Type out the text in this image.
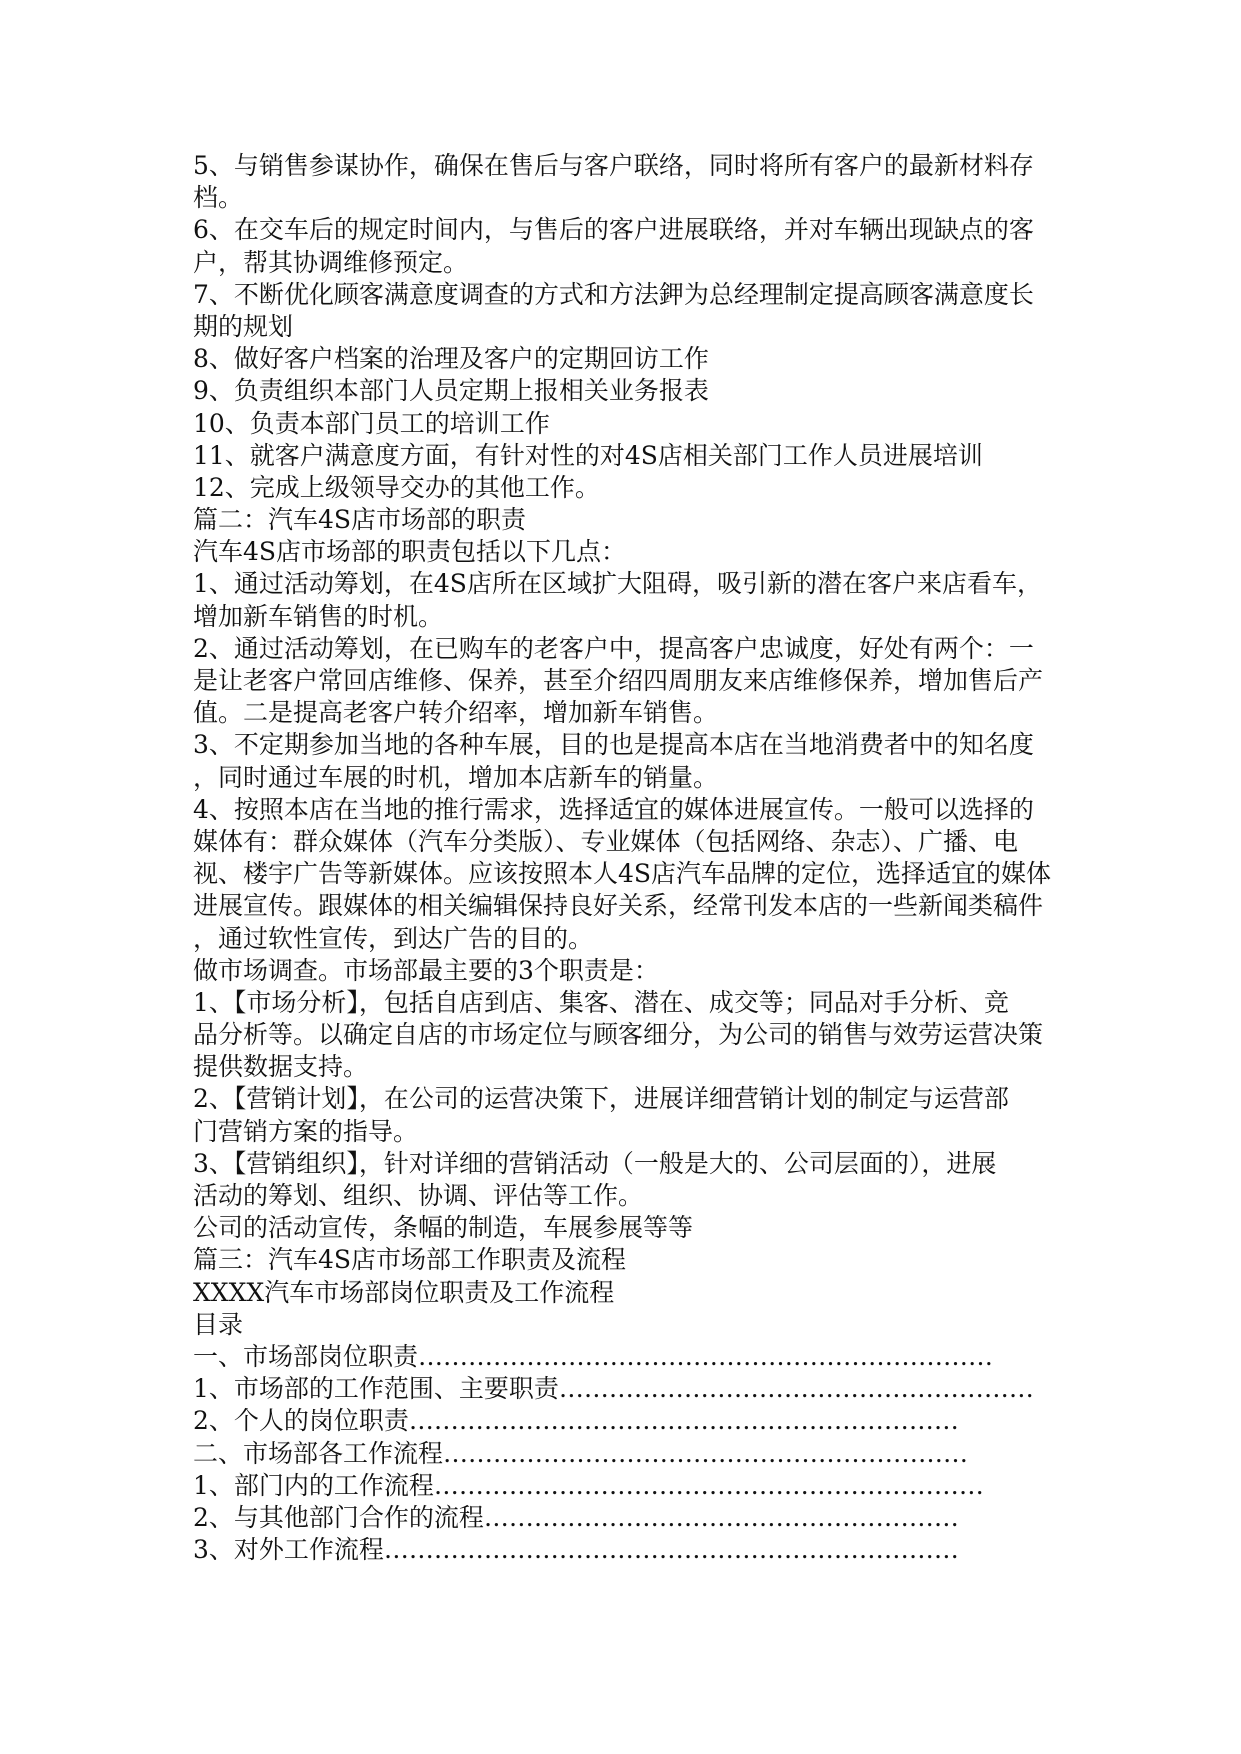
5、与销售参谋协作，确保在售后与客户联络，同时将所有客户的最新材料存
档。
6、在交车后的规定时间内，与售后的客户进展联络，并对车辆出现缺点的客
户，帮其协调维修预定。
7、不断优化顾客满意度调查的方式和方法鉀为总经理制定提高顾客满意度长
期的规划
8、做好客户档案的治理及客户的定期回访工作
9、负责组织本部门人员定期上报相关业务报表
10、负责本部门员工的培训工作
11、就客户满意度方面，有针对性的对4S店相关部门工作人员进展培训
12、完成上级领导交办的其他工作。
篇二：汽车4S店市场部的职责
汽车4S店市场部的职责包括以下几点：
1、通过活动筹划，在4S店所在区域扩大阻碍，吸引新的潜在客户来店看车，
增加新车销售的时机。
2、通过活动筹划，在已购车的老客户中，提高客户忠诚度，好处有两个：一
是让老客户常回店维修、保养，甚至介绍四周朋友来店维修保养，增加售后产
值。二是提高老客户转介绍率，增加新车销售。
3、不定期参加当地的各种车展，目的也是提高本店在当地消费者中的知名度
，同时通过车展的时机，增加本店新车的销量。
4、按照本店在当地的推行需求，选择适宜的媒体进展宣传。一般可以选择的
媒体有：群众媒体（汽车分类版）、专业媒体（包括网络、杂志）、广播、电
视、楼宇广告等新媒体。应该按照本人4S店汽车品牌的定位，选择适宜的媒体
进展宣传。跟媒体的相关编辑保持良好关系，经常刊发本店的一些新闻类稿件
，通过软性宣传，到达广告的目的。
做市场调查。市场部最主要的3个职责是：
1、【市场分析】，包括自店到店、集客、潜在、成交等；同品对手分析、竞
品分析等。以确定自店的市场定位与顾客细分，为公司的销售与效劳运营决策
提供数据支持。
2、【营销计划】，在公司的运营决策下，进展详细营销计划的制定与运营部
门营销方案的指导。
3、【营销组织】，针对详细的营销活动（一般是大的、公司层面的），进展
活动的筹划、组织、协调、评估等工作。
公司的活动宣传，条幅的制造，车展参展等等
篇三：汽车4S店市场部工作职责及流程
XXXX汽车市场部岗位职责及工作流程
目录
一、市场部岗位职责 ……………………………………………………………
1、市场部的工作范围、主要职责 …………………………………………………
2、个人的岗位职责 …………………………………………………………
二、市场部各工作流程 ………………………………………………………
1、部门内的工作流程 …………………………………………………………
2、与其他部门合作的流程 …………………………………………………
3、对外工作流程 ……………………………………………………………
